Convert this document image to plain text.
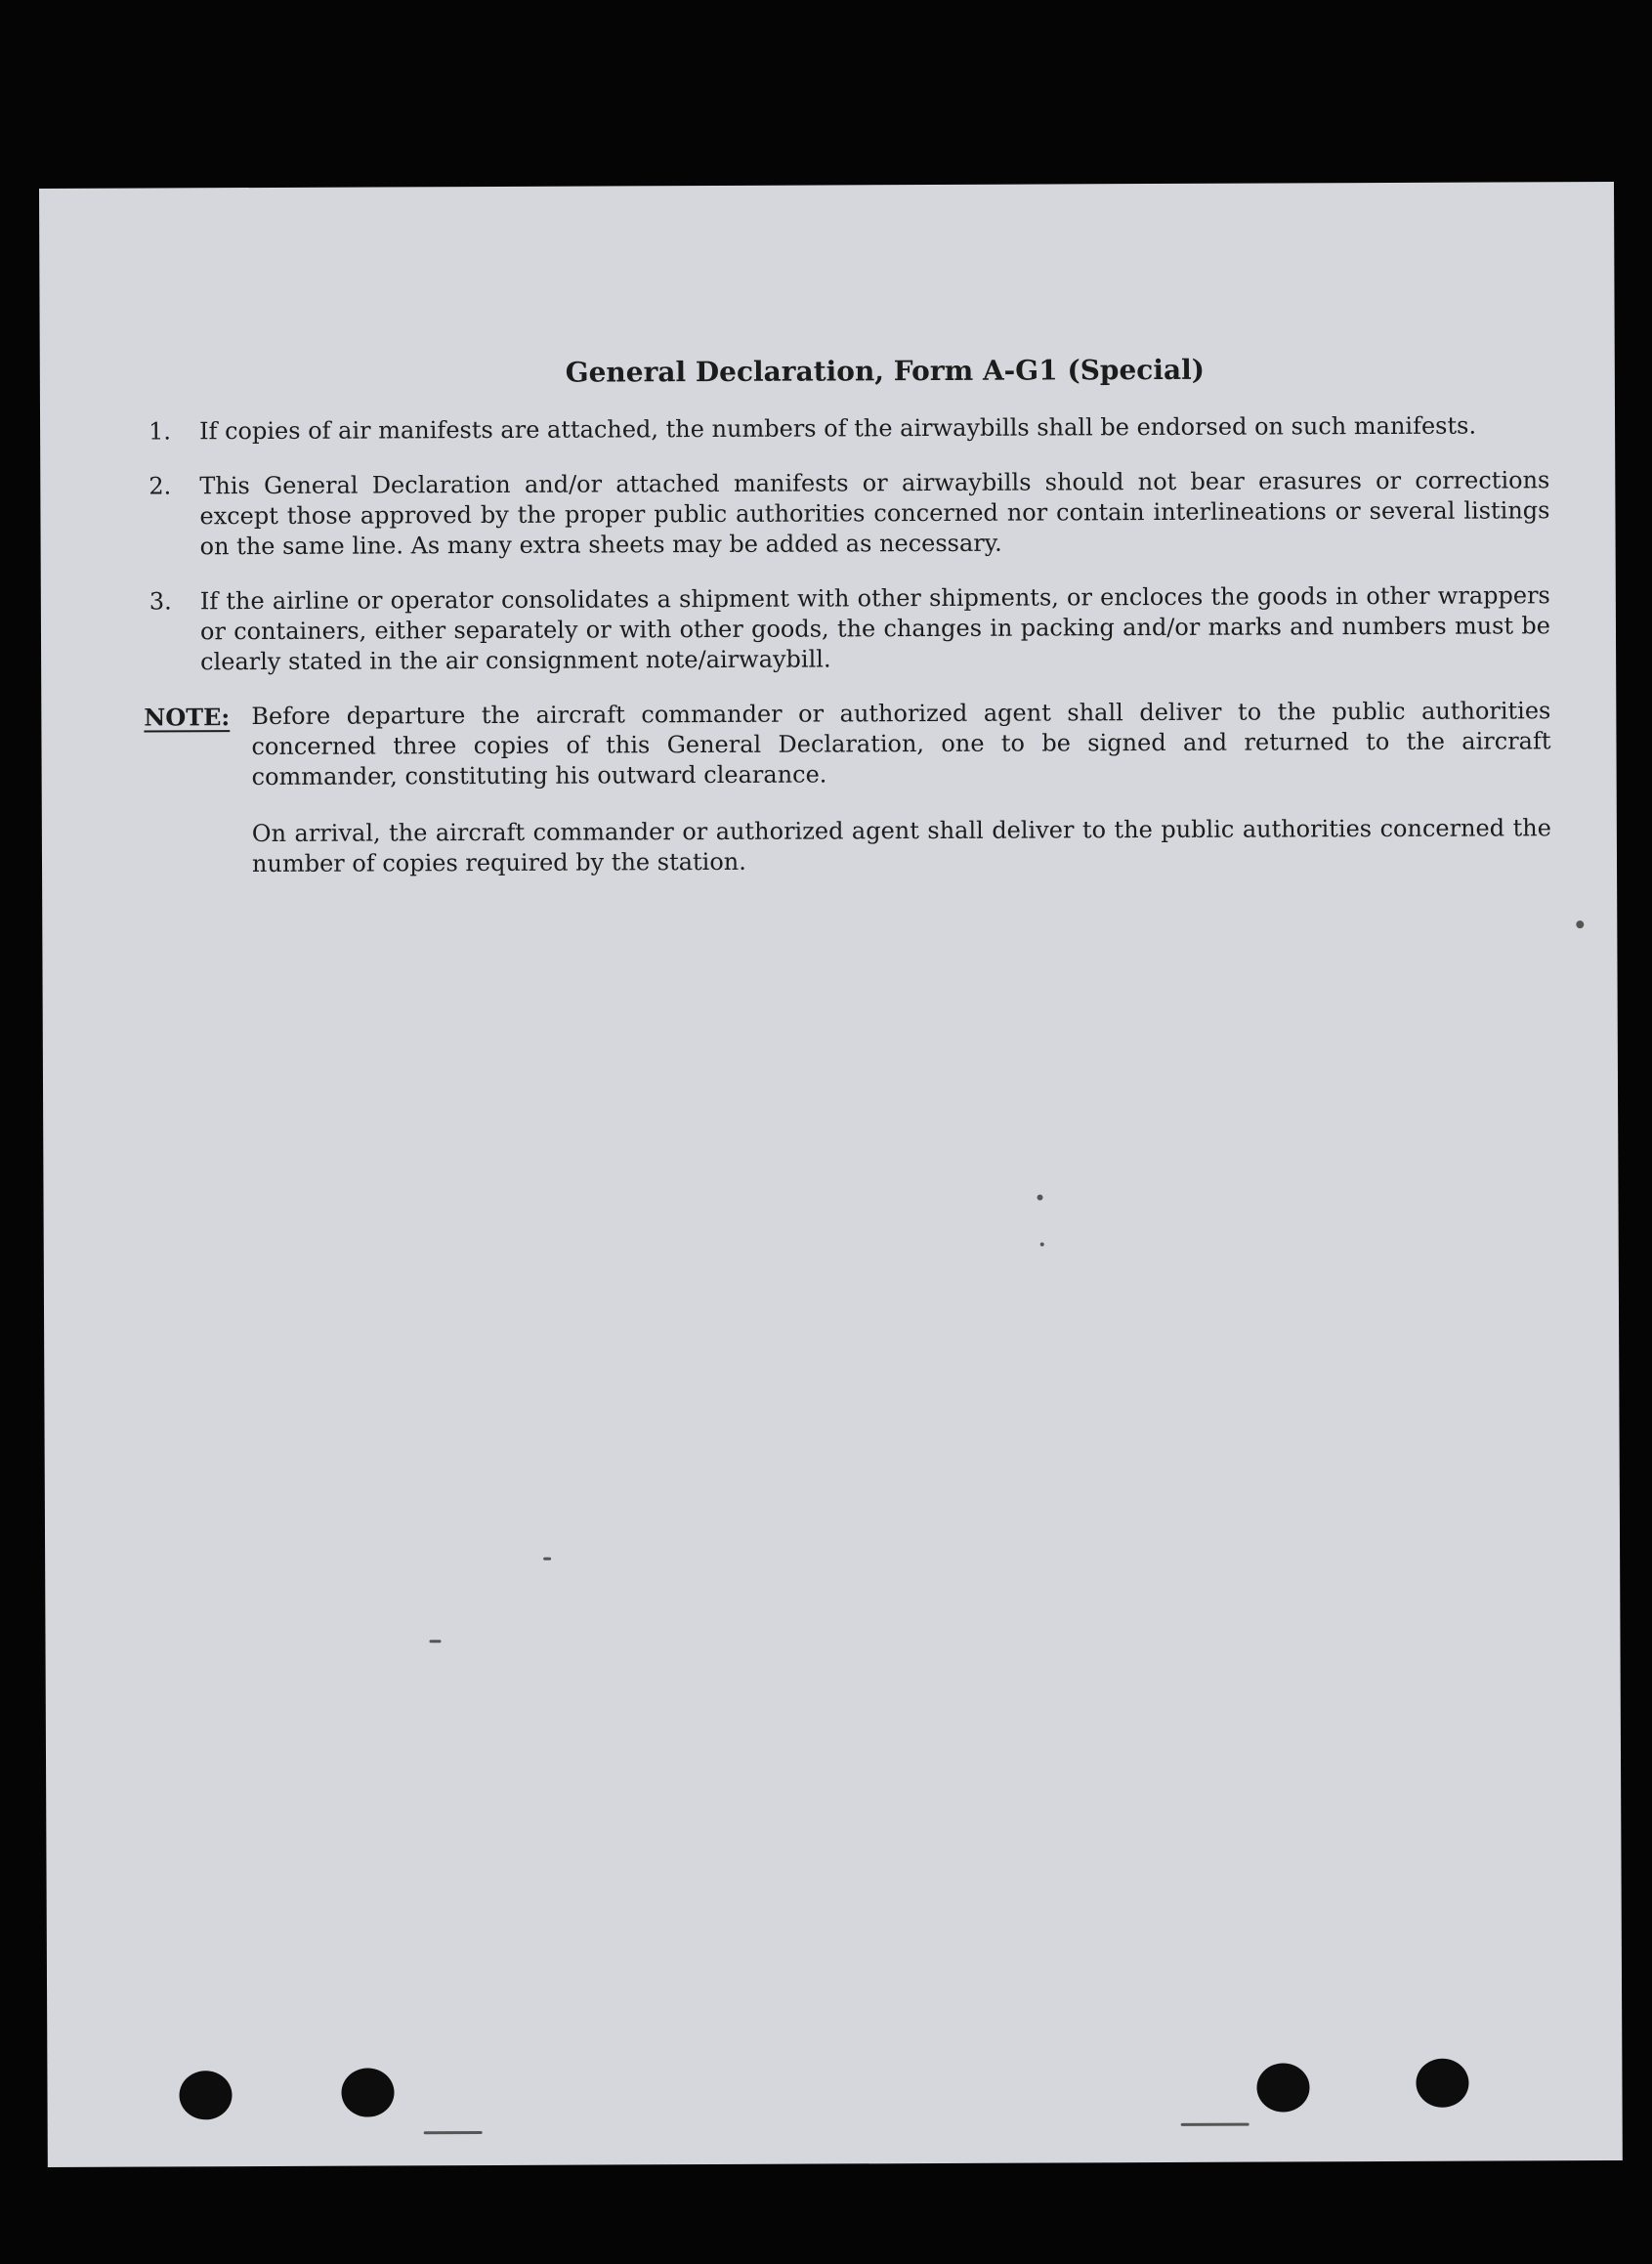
General Declaration, Form A-G1 (Special)
1.	If copies of air manifests are attached, the numbers of the airwaybills shall be endorsed on such manifests.
2.	This General Declaration and/or attached manifests or airwaybills should not bear erasures or corrections except those approved by the proper public authorities concerned nor contain interlineations or several listings on the same line. As many extra sheets may be added as necessary.
3.	If the airline or operator consolidates a shipment with other shipments, or encloces the goods in other wrappers or containers, either separately or with other goods, the changes in packing and/or marks and numbers must be clearly stated in the air consignment note/airwaybill.
NOTE: Before departure the aircraft commander or authorized agent shall deliver to the public authorities concerned three copies of this General Declaration, one to be signed and returned to the aircraft commander, constituting his outward clearance.

On arrival, the aircraft commander or authorized agent shall deliver to the public authorities concerned the number of copies required by the station.
